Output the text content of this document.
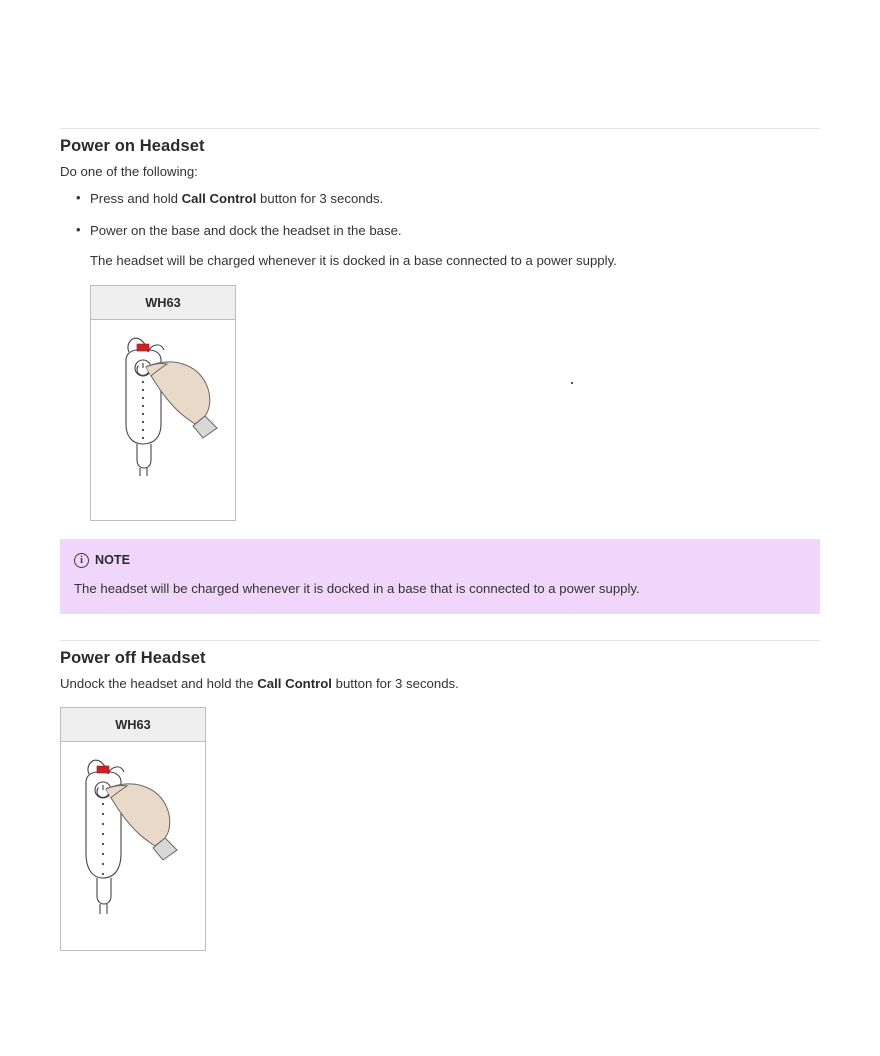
Power on Headset

Do one of the following:

• Press and hold Call Control button for 3 seconds.
• Power on the base and dock the headset in the base.
The headset will be charged whenever it is docked in a base connected to a power supply.
WH63
i NOTE
The headset will be charged whenever it is docked in a base that is connected to a power supply.
Power off Headset

Undock the headset and hold the Call Control button for 3 seconds.

WH63
